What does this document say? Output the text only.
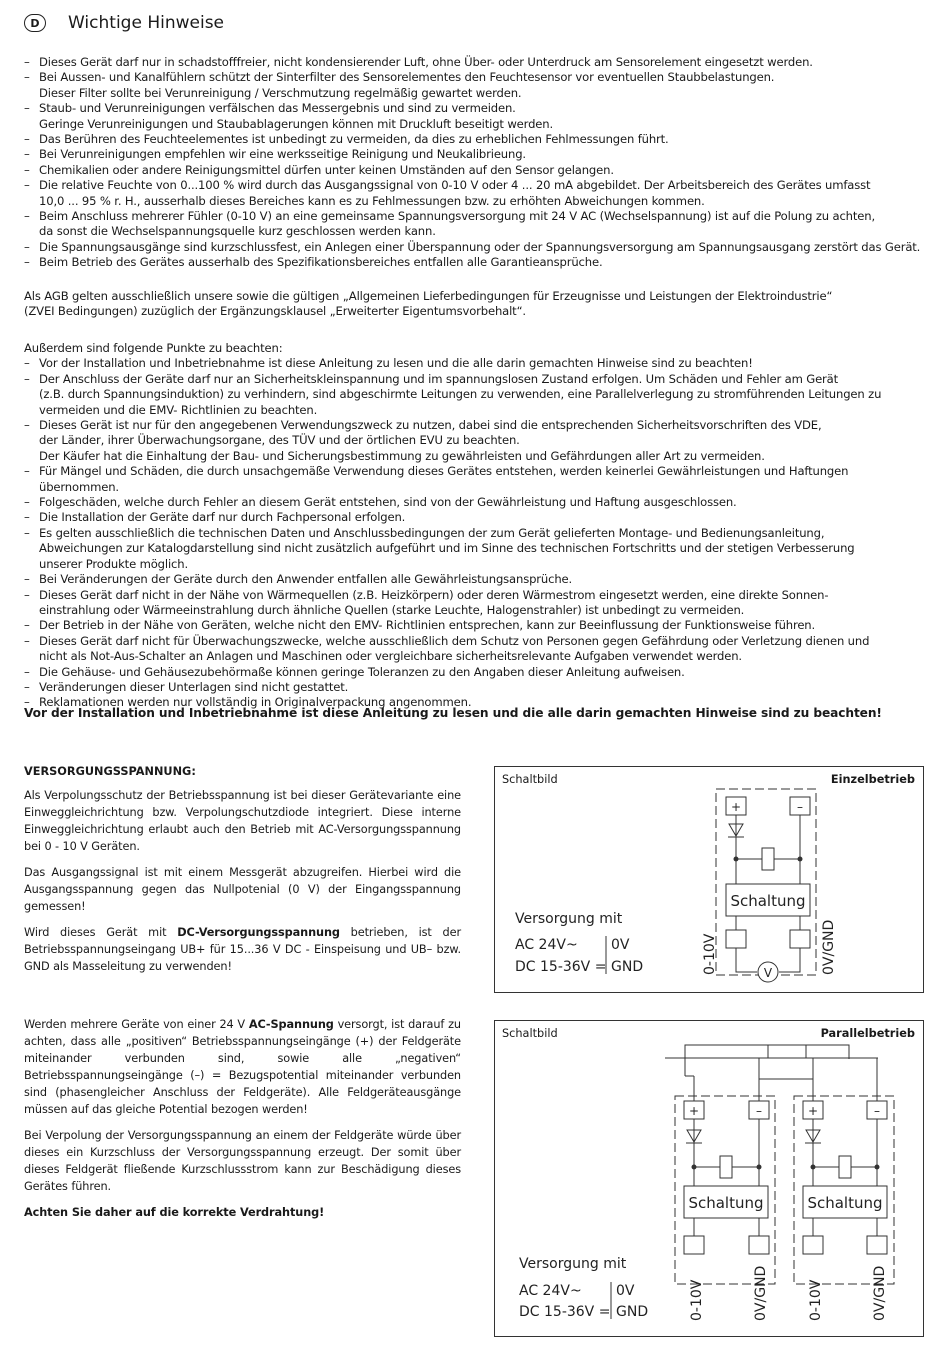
D	Wichtige Hinweise
– Dieses Gerät darf nur in schadstofffreier, nicht kondensierender Luft, ohne Über- oder Unterdruck am Sensorelement eingesetzt werden.
– Bei Aussen- und Kanalfühlern schützt der Sinterfilter des Sensorelementes den Feuchtesensor vor eventuellen Staubbelastungen.
Dieser Filter sollte bei Verunreinigung / Verschmutzung regelmäßig gewartet werden.
– Staub- und Verunreinigungen verfälschen das Messergebnis und sind zu vermeiden.
Geringe Verunreinigungen und Staubablagerungen können mit Druckluft beseitigt werden.
– Das Berühren des Feuchteelementes ist unbedingt zu vermeiden, da dies zu erheblichen Fehlmessungen führt.
– Bei Verunreinigungen empfehlen wir eine werksseitige Reinigung und Neukalibrieung.
– Chemikalien oder andere Reinigungsmittel dürfen unter keinen Umständen auf den Sensor gelangen.
– Die relative Feuchte von 0...100 % wird durch das Ausgangssignal von 0-10 V oder 4 ... 20 mA abgebildet. Der Arbeitsbereich des Gerätes umfasst
10,0 ... 95 % r. H., ausserhalb dieses Bereiches kann es zu Fehlmessungen bzw. zu erhöhten Abweichungen kommen.
– Beim Anschluss mehrerer Fühler (0-10 V) an eine gemeinsame Spannungsversorgung mit 24 V AC (Wechselspannung) ist auf die Polung zu achten,
da sonst die Wechselspannungsquelle kurz geschlossen werden kann.
– Die Spannungsausgänge sind kurzschlussfest, ein Anlegen einer Überspannung oder der Spannungsversorgung am Spannungsausgang zerstört das Gerät.
– Beim Betrieb des Gerätes ausserhalb des Spezifikationsbereiches entfallen alle Garantieansprüche.

Als AGB gelten ausschließlich unsere sowie die gültigen „Allgemeinen Lieferbedingungen für Erzeugnisse und Leistungen der Elektroindustrie“
(ZVEI Bedingungen) zuzüglich der Ergänzungsklausel „Erweiterter Eigentumsvorbehalt“.

Außerdem sind folgende Punkte zu beachten:
– Vor der Installation und Inbetriebnahme ist diese Anleitung zu lesen und die alle darin gemachten Hinweise sind zu beachten!
– Der Anschluss der Geräte darf nur an Sicherheitskleinspannung und im spannungslosen Zustand erfolgen. Um Schäden und Fehler am Gerät
(z.B. durch Spannungsinduktion) zu verhindern, sind abgeschirmte Leitungen zu verwenden, eine Parallelverlegung zu stromführenden Leitungen zu
vermeiden und die EMV- Richtlinien zu beachten.
– Dieses Gerät ist nur für den angegebenen Verwendungszweck zu nutzen, dabei sind die entsprechenden Sicherheitsvorschriften des VDE,
der Länder, ihrer Überwachungsorgane, des TÜV und der örtlichen EVU zu beachten.
Der Käufer hat die Einhaltung der Bau- und Sicherungsbestimmung zu gewährleisten und Gefährdungen aller Art zu vermeiden.
– Für Mängel und Schäden, die durch unsachgemäße Verwendung dieses Gerätes entstehen, werden keinerlei Gewährleistungen und Haftungen
übernommen.
– Folgeschäden, welche durch Fehler an diesem Gerät entstehen, sind von der Gewährleistung und Haftung ausgeschlossen.
– Die Installation der Geräte darf nur durch Fachpersonal erfolgen.
– Es gelten ausschließlich die technischen Daten und Anschlussbedingungen der zum Gerät gelieferten Montage- und Bedienungsanleitung,
Abweichungen zur Katalogdarstellung sind nicht zusätzlich aufgeführt und im Sinne des technischen Fortschritts und der stetigen Verbesserung
unserer Produkte möglich.
– Bei Veränderungen der Geräte durch den Anwender entfallen alle Gewährleistungsansprüche.
– Dieses Gerät darf nicht in der Nähe von Wärmequellen (z.B. Heizkörpern) oder deren Wärmestrom eingesetzt werden, eine direkte Sonnen-
einstrahlung oder Wärmeeinstrahlung durch ähnliche Quellen (starke Leuchte, Halogenstrahler) ist unbedingt zu vermeiden.
– Der Betrieb in der Nähe von Geräten, welche nicht den EMV- Richtlinien entsprechen, kann zur Beeinflussung der Funktionsweise führen.
– Dieses Gerät darf nicht für Überwachungszwecke, welche ausschließlich dem Schutz von Personen gegen Gefährdung oder Verletzung dienen und
nicht als Not-Aus-Schalter an Anlagen und Maschinen oder vergleichbare sicherheitsrelevante Aufgaben verwendet werden.
– Die Gehäuse- und Gehäusezubehörmaße können geringe Toleranzen zu den Angaben dieser Anleitung aufweisen.
– Veränderungen dieser Unterlagen sind nicht gestattet.
– Reklamationen werden nur vollständig in Originalverpackung angenommen.
Vor der Installation und Inbetriebnahme ist diese Anleitung zu lesen und die alle darin gemachten Hinweise sind zu beachten!
VERSORGUNGSSPANNUNG:

Als Verpolungsschutz der Betriebsspannung ist bei dieser Gerätevariante eine Einweggleichrichtung bzw. Verpolungschutzdiode integriert. Diese interne Einweggleichrichtung erlaubt auch den Betrieb mit AC-Versorgungsspannung bei 0 - 10 V Geräten.

Das Ausgangssignal ist mit einem Messgerät abzugreifen. Hierbei wird die Ausgangsspannung gegen das Nullpotenial (0 V) der Eingangsspannung gemessen!

Wird dieses Gerät mit DC-Versorgungsspannung betrieben, ist der Betriebsspannungseingang UB+ für 15...36 V DC - Einspeisung und UB– bzw. GND als Masseleitung zu verwenden!

Werden mehrere Geräte von einer 24 V AC-Spannung versorgt, ist darauf zu achten, dass alle „positiven“ Betriebsspannungseingänge (+) der Feldgeräte miteinander verbunden sind, sowie alle „negativen“ Betriebsspannungseingänge (–) = Bezugspotential miteinander verbunden sind (phasengleicher Anschluss der Feldgeräte). Alle Feldgeräteausgänge müssen auf das gleiche Potential bezogen werden!

Bei Verpolung der Versorgungsspannung an einem der Feldgeräte würde über dieses ein Kurzschluss der Versorgungsspannung erzeugt. Der somit über dieses Feldgerät fließende Kurzschlussstrom kann zur Beschädigung dieses Gerätes führen.

Achten Sie daher auf die korrekte Verdrahtung!

Schaltbild	Einzelbetrieb
+	–
Schaltung
V
0-10V	0V/GND
Versorgung mit
AC 24V~
DC 15-36V =
0V
GND
Schaltbild	Parallelbetrieb
+	–
Schaltung
+	–
Schaltung
0-10V	0V/GND	0-10V	0V/GND
Versorgung mit
AC 24V~
DC 15-36V =
0V
GND
